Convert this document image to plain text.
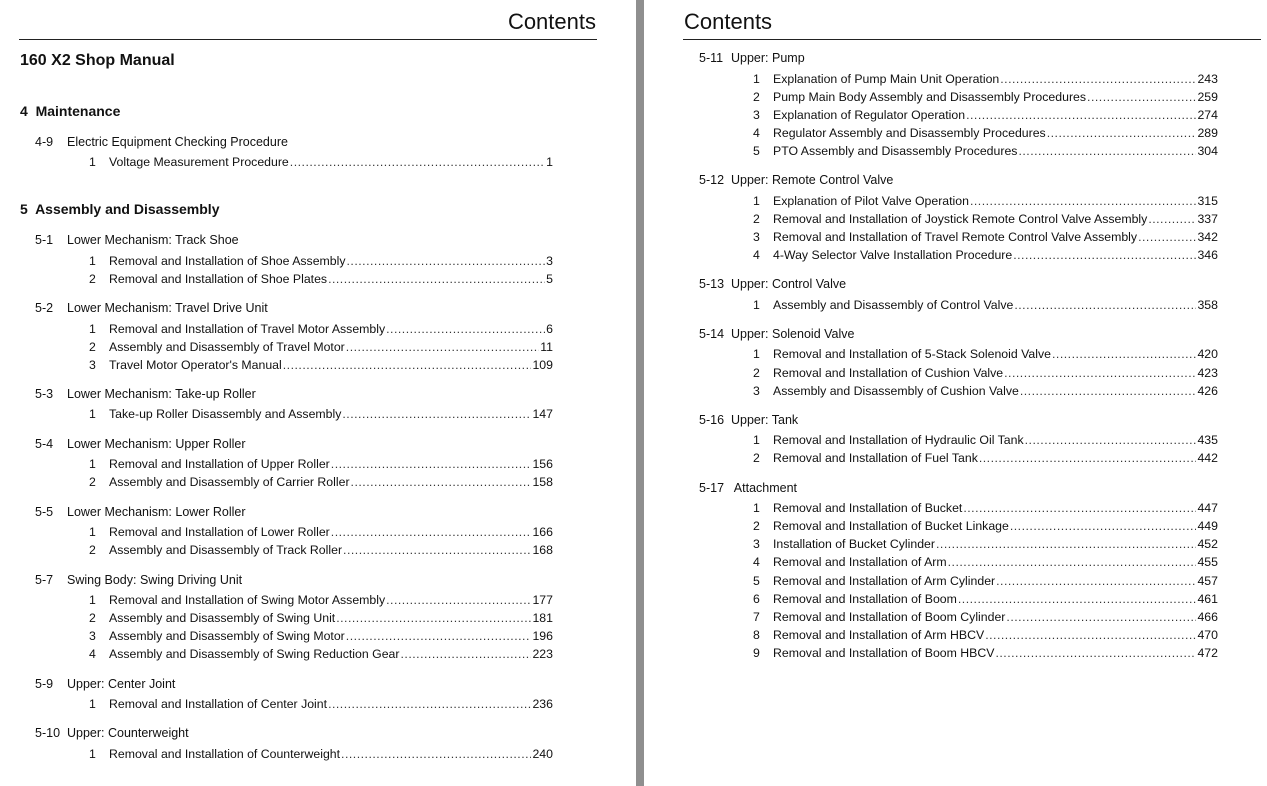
Contents
160 X2 Shop Manual
4 Maintenance
4-9 Electric Equipment Checking Procedure
1	Voltage Measurement Procedure .....	1
5 Assembly and Disassembly
5-1 Lower Mechanism: Track Shoe
1	Removal and Installation of Shoe Assembly .....	3
2	Removal and Installation of Shoe Plates .....	5
5-2 Lower Mechanism: Travel Drive Unit
1	Removal and Installation of Travel Motor Assembly .....	6
2	Assembly and Disassembly of Travel Motor .....	11
3	Travel Motor Operator's Manual .....	109
5-3 Lower Mechanism: Take-up Roller
1	Take-up Roller Disassembly and Assembly .....	147
5-4 Lower Mechanism: Upper Roller
1	Removal and Installation of Upper Roller .....	156
2	Assembly and Disassembly of Carrier Roller .....	158
5-5 Lower Mechanism: Lower Roller
1	Removal and Installation of Lower Roller .....	166
2	Assembly and Disassembly of Track Roller .....	168
5-7 Swing Body: Swing Driving Unit
1	Removal and Installation of Swing Motor Assembly .....	177
2	Assembly and Disassembly of Swing Unit .....	181
3	Assembly and Disassembly of Swing Motor .....	196
4	Assembly and Disassembly of Swing Reduction Gear .....	223
5-9 Upper: Center Joint
1	Removal and Installation of Center Joint .....	236
5-10 Upper: Counterweight
1	Removal and Installation of Counterweight .....	240
Contents
5-11 Upper: Pump
1	Explanation of Pump Main Unit Operation .....	243
2	Pump Main Body Assembly and Disassembly Procedures .....	259
3	Explanation of Regulator Operation .....	274
4	Regulator Assembly and Disassembly Procedures .....	289
5	PTO Assembly and Disassembly Procedures .....	304
5-12 Upper: Remote Control Valve
1	Explanation of Pilot Valve Operation .....	315
2	Removal and Installation of Joystick Remote Control Valve Assembly .....	337
3	Removal and Installation of Travel Remote Control Valve Assembly .....	342
4	4-Way Selector Valve Installation Procedure .....	346
5-13 Upper: Control Valve
1	Assembly and Disassembly of Control Valve .....	358
5-14 Upper: Solenoid Valve
1	Removal and Installation of 5-Stack Solenoid Valve .....	420
2	Removal and Installation of Cushion Valve .....	423
3	Assembly and Disassembly of Cushion Valve .....	426
5-16 Upper: Tank
1	Removal and Installation of Hydraulic Oil Tank .....	435
2	Removal and Installation of Fuel Tank .....	442
5-17 Attachment
1	Removal and Installation of Bucket .....	447
2	Removal and Installation of Bucket Linkage .....	449
3	Installation of Bucket Cylinder .....	452
4	Removal and Installation of Arm .....	455
5	Removal and Installation of Arm Cylinder .....	457
6	Removal and Installation of Boom .....	461
7	Removal and Installation of Boom Cylinder .....	466
8	Removal and Installation of Arm HBCV .....	470
9	Removal and Installation of Boom HBCV .....	472
